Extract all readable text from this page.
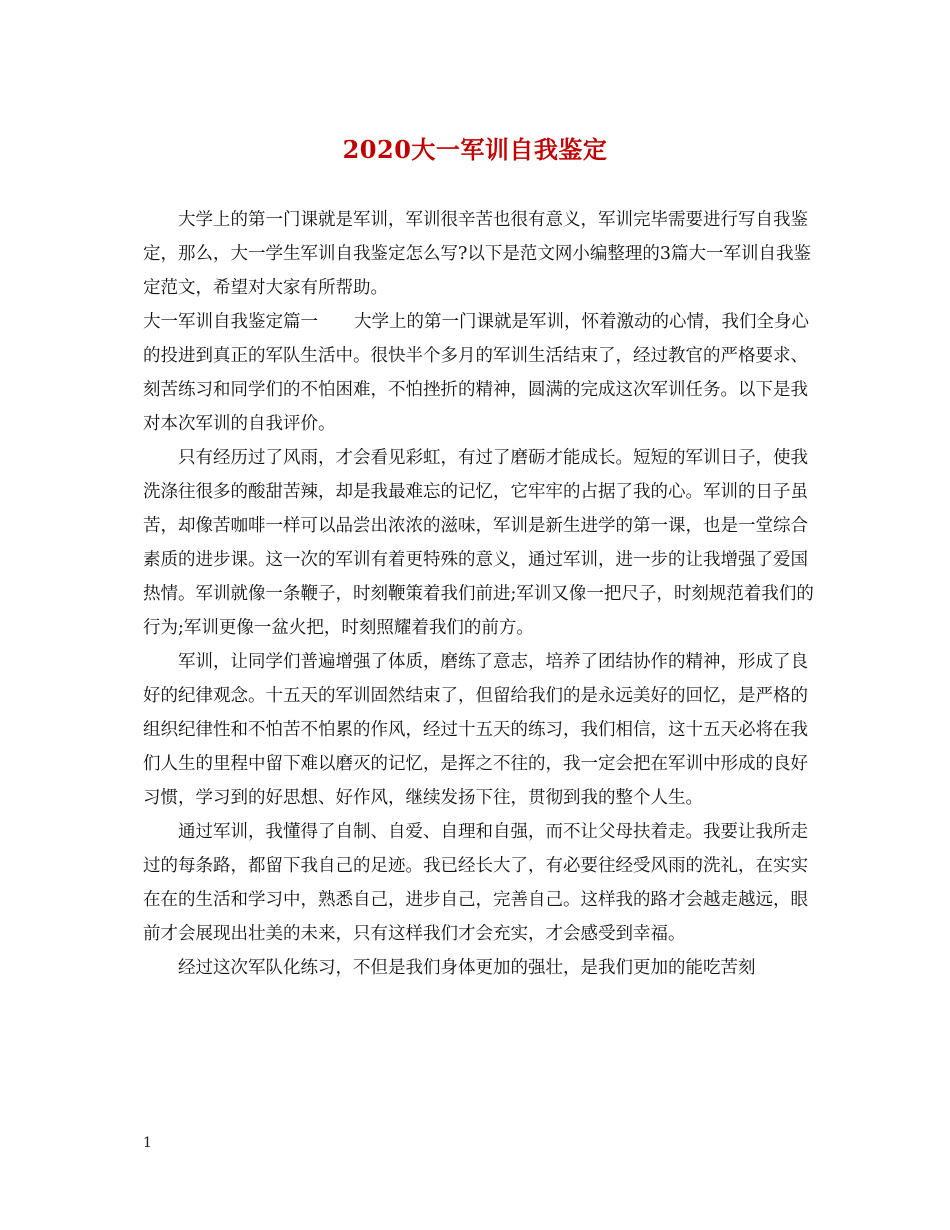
2020大一军训自我鉴定

大学上的第一门课就是军训，军训很辛苦也很有意义，军训完毕需要进行写自我鉴定，那么，大一学生军训自我鉴定怎么写?以下是范文网小编整理的3篇大一军训自我鉴定范文，希望对大家有所帮助。

大一军训自我鉴定篇一 大学上的第一门课就是军训，怀着激动的心情，我们全身心的投进到真正的军队生活中。很快半个多月的军训生活结束了，经过教官的严格要求、刻苦练习和同学们的不怕困难，不怕挫折的精神，圆满的完成这次军训任务。以下是我对本次军训的自我评价。

只有经历过了风雨，才会看见彩虹，有过了磨砺才能成长。短短的军训日子，使我洗涤往很多的酸甜苦辣，却是我最难忘的记忆，它牢牢的占据了我的心。军训的日子虽苦，却像苦咖啡一样可以品尝出浓浓的滋味，军训是新生进学的第一课，也是一堂综合素质的进步课。这一次的军训有着更特殊的意义，通过军训，进一步的让我增强了爱国热情。军训就像一条鞭子，时刻鞭策着我们前进;军训又像一把尺子，时刻规范着我们的行为;军训更像一盆火把，时刻照耀着我们的前方。

军训，让同学们普遍增强了体质，磨练了意志，培养了团结协作的精神，形成了良好的纪律观念。十五天的军训固然结束了，但留给我们的是永远美好的回忆，是严格的组织纪律性和不怕苦不怕累的作风，经过十五天的练习，我们相信，这十五天必将在我们人生的里程中留下难以磨灭的记忆，是挥之不往的，我一定会把在军训中形成的良好习惯，学习到的好思想、好作风，继续发扬下往，贯彻到我的整个人生。

通过军训，我懂得了自制、自爱、自理和自强，而不让父母扶着走。我要让我所走过的每条路，都留下我自己的足迹。我已经长大了，有必要往经受风雨的洗礼，在实实在在的生活和学习中，熟悉自己，进步自己，完善自己。这样我的路才会越走越远，眼前才会展现出壮美的未来，只有这样我们才会充实，才会感受到幸福。

经过这次军队化练习，不但是我们身体更加的强壮，是我们更加的能吃苦刻

1
